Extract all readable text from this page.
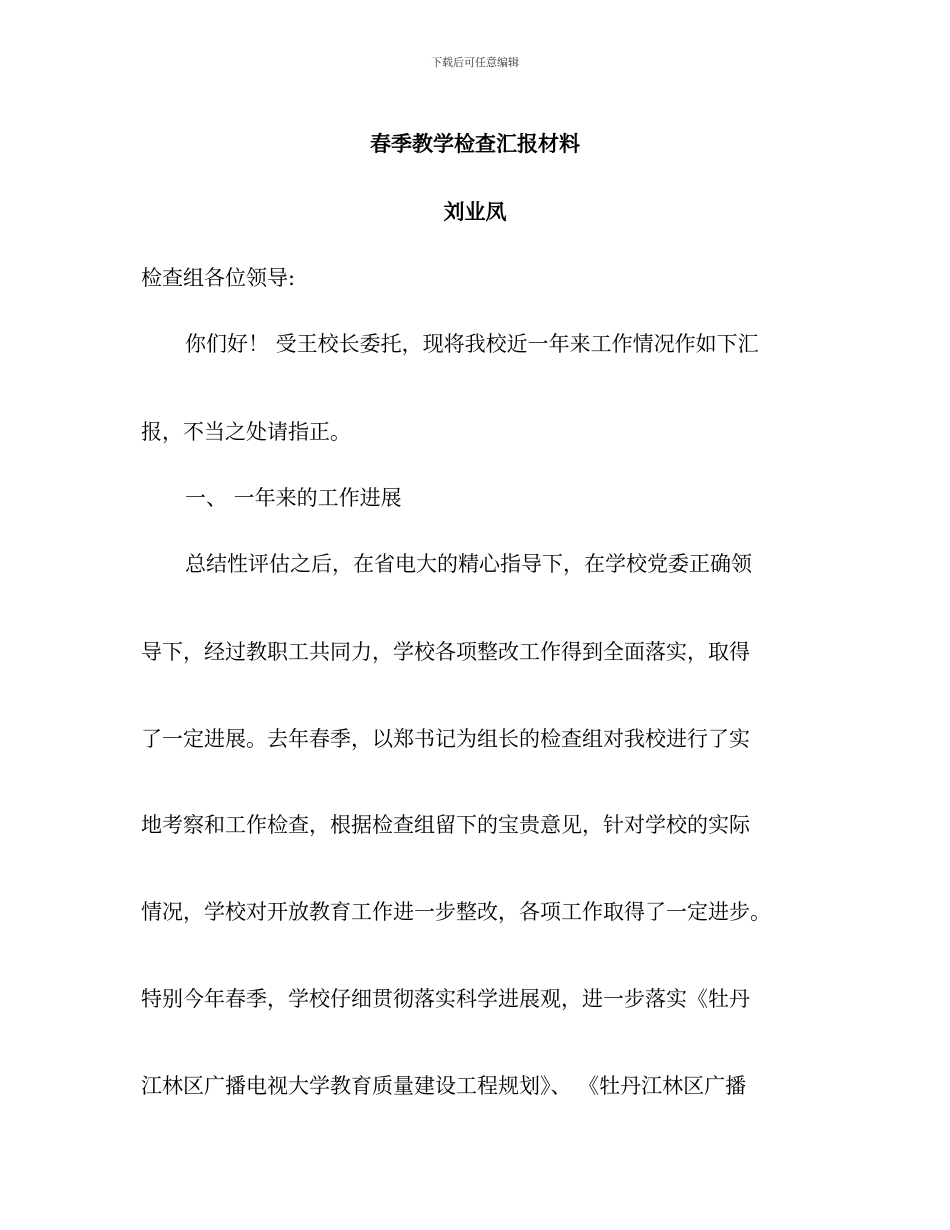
下载后可任意编辑
春季教学检查汇报材料
刘业凤
检查组各位领导:
你们好！ 受王校长委托，现将我校近一年来工作情况作如下汇
报，不当之处请指正。
一、 一年来的工作进展
总结性评估之后，在省电大的精心指导下，在学校党委正确领
导下，经过教职工共同力，学校各项整改工作得到全面落实，取得
了一定进展。去年春季，以郑书记为组长的检查组对我校进行了实
地考察和工作检查，根据检查组留下的宝贵意见，针对学校的实际
情况，学校对开放教育工作进一步整改，各项工作取得了一定进步。
特别今年春季，学校仔细贯彻落实科学进展观，进一步落实《牡丹
江林区广播电视大学教育质量建设工程规划》、 《牡丹江林区广播
